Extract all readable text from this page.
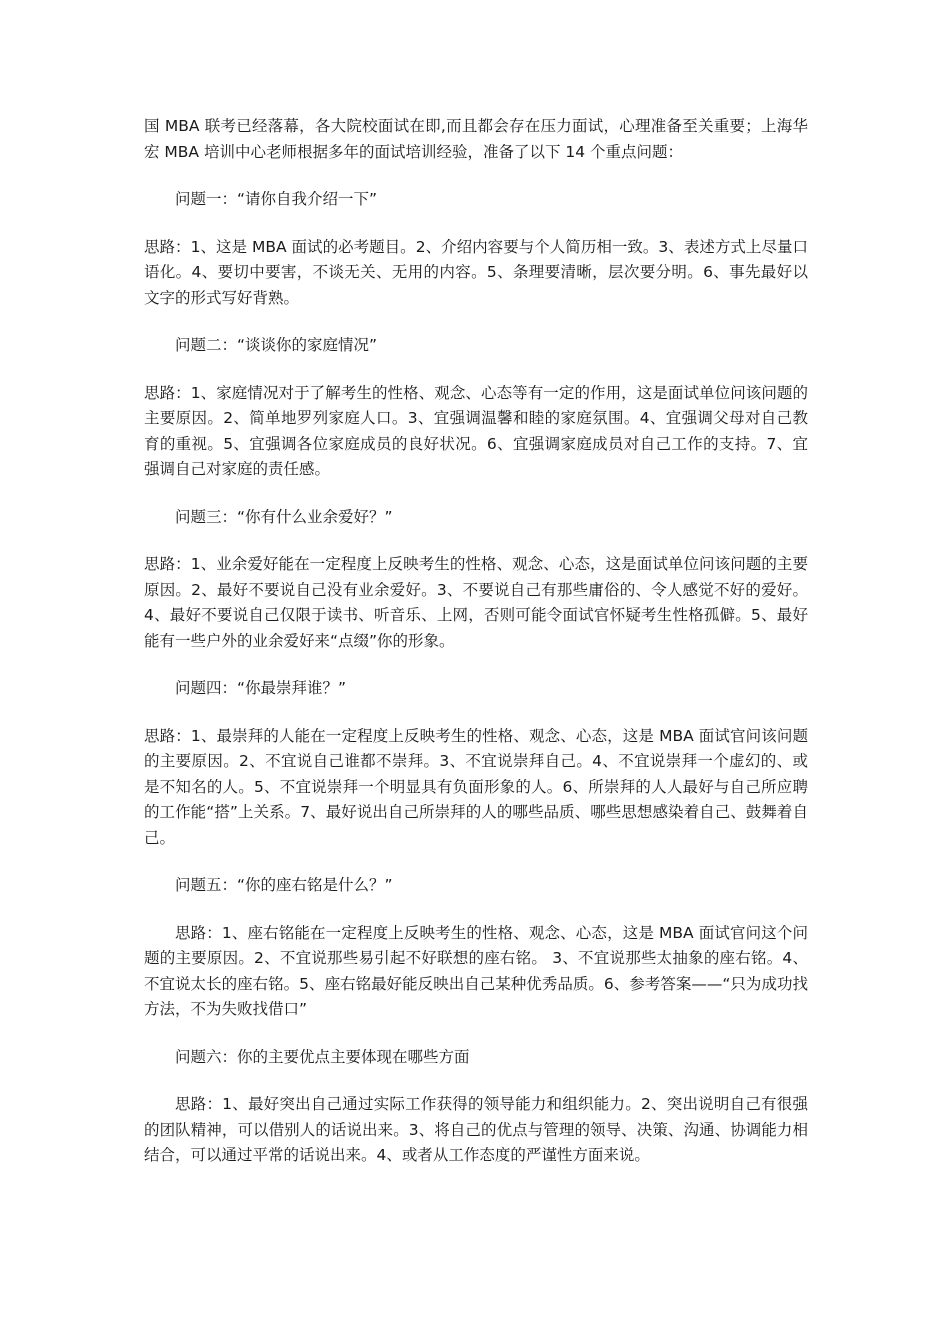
国 MBA 联考已经落幕，各大院校面试在即,而且都会存在压力面试，心理准备至关重要；上海华宏 MBA 培训中心老师根据多年的面试培训经验，准备了以下 14 个重点问题：

问题一：“请你自我介绍一下”

思路：1、这是 MBA 面试的必考题目。2、介绍内容要与个人简历相一致。3、表述方式上尽量口语化。4、要切中要害，不谈无关、无用的内容。5、条理要清晰，层次要分明。6、事先最好以文字的形式写好背熟。

问题二：“谈谈你的家庭情况”

思路：1、家庭情况对于了解考生的性格、观念、心态等有一定的作用，这是面试单位问该问题的主要原因。2、简单地罗列家庭人口。3、宜强调温馨和睦的家庭氛围。4、宜强调父母对自己教育的重视。5、宜强调各位家庭成员的良好状况。6、宜强调家庭成员对自己工作的支持。7、宜强调自己对家庭的责任感。

问题三：“你有什么业余爱好？”

思路：1、业余爱好能在一定程度上反映考生的性格、观念、心态，这是面试单位问该问题的主要原因。2、最好不要说自己没有业余爱好。3、不要说自己有那些庸俗的、令人感觉不好的爱好。4、最好不要说自己仅限于读书、听音乐、上网，否则可能令面试官怀疑考生性格孤僻。5、最好能有一些户外的业余爱好来“点缀”你的形象。

问题四：“你最崇拜谁？”

思路：1、最崇拜的人能在一定程度上反映考生的性格、观念、心态，这是 MBA 面试官问该问题的主要原因。2、不宜说自己谁都不崇拜。3、不宜说崇拜自己。4、不宜说崇拜一个虚幻的、或是不知名的人。5、不宜说崇拜一个明显具有负面形象的人。6、所崇拜的人人最好与自己所应聘的工作能“搭”上关系。7、最好说出自己所崇拜的人的哪些品质、哪些思想感染着自己、鼓舞着自己。

问题五：“你的座右铭是什么？”

思路：1、座右铭能在一定程度上反映考生的性格、观念、心态，这是 MBA 面试官问这个问题的主要原因。2、不宜说那些易引起不好联想的座右铭。 3、不宜说那些太抽象的座右铭。4、不宜说太长的座右铭。5、座右铭最好能反映出自己某种优秀品质。6、参考答案——“只为成功找方法，不为失败找借口”

问题六：你的主要优点主要体现在哪些方面

思路：1、最好突出自己通过实际工作获得的领导能力和组织能力。2、突出说明自己有很强的团队精神，可以借别人的话说出来。3、将自己的优点与管理的领导、决策、沟通、协调能力相结合，可以通过平常的话说出来。4、或者从工作态度的严谨性方面来说。
